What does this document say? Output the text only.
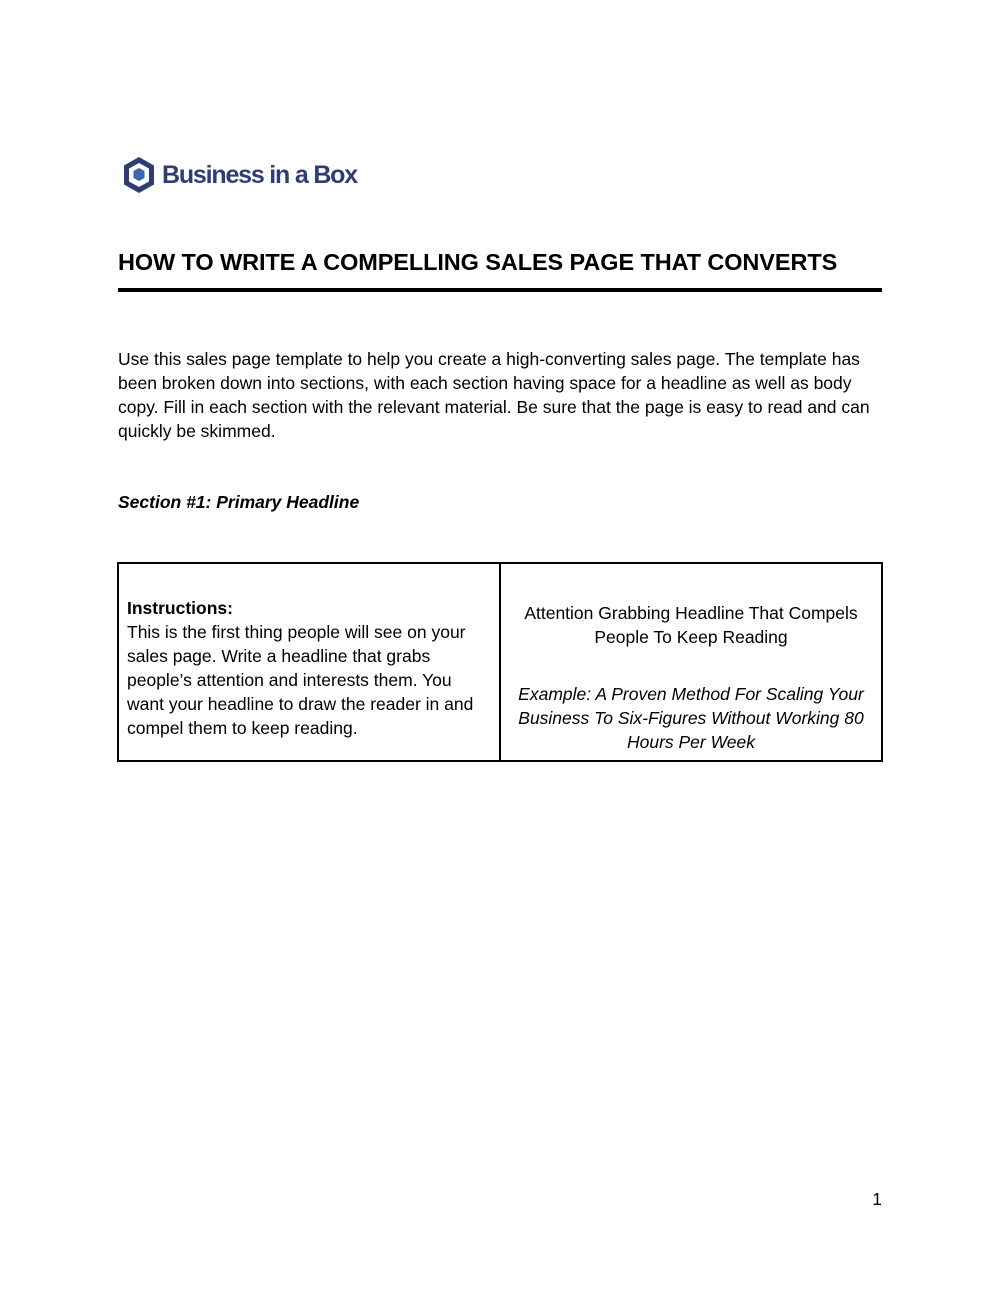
Business in a Box
HOW TO WRITE A COMPELLING SALES PAGE THAT CONVERTS

Use this sales page template to help you create a high-converting sales page. The template has been broken down into sections, with each section having space for a headline as well as body copy. Fill in each section with the relevant material. Be sure that the page is easy to read and can quickly be skimmed.

Section #1: Primary Headline
Instructions:
This is the first thing people will see on your sales page. Write a headline that grabs people’s attention and interests them. You want your headline to draw the reader in and compel them to keep reading.
Attention Grabbing Headline That Compels People To Keep Reading
Example: A Proven Method For Scaling Your Business To Six-Figures Without Working 80 Hours Per Week
1
